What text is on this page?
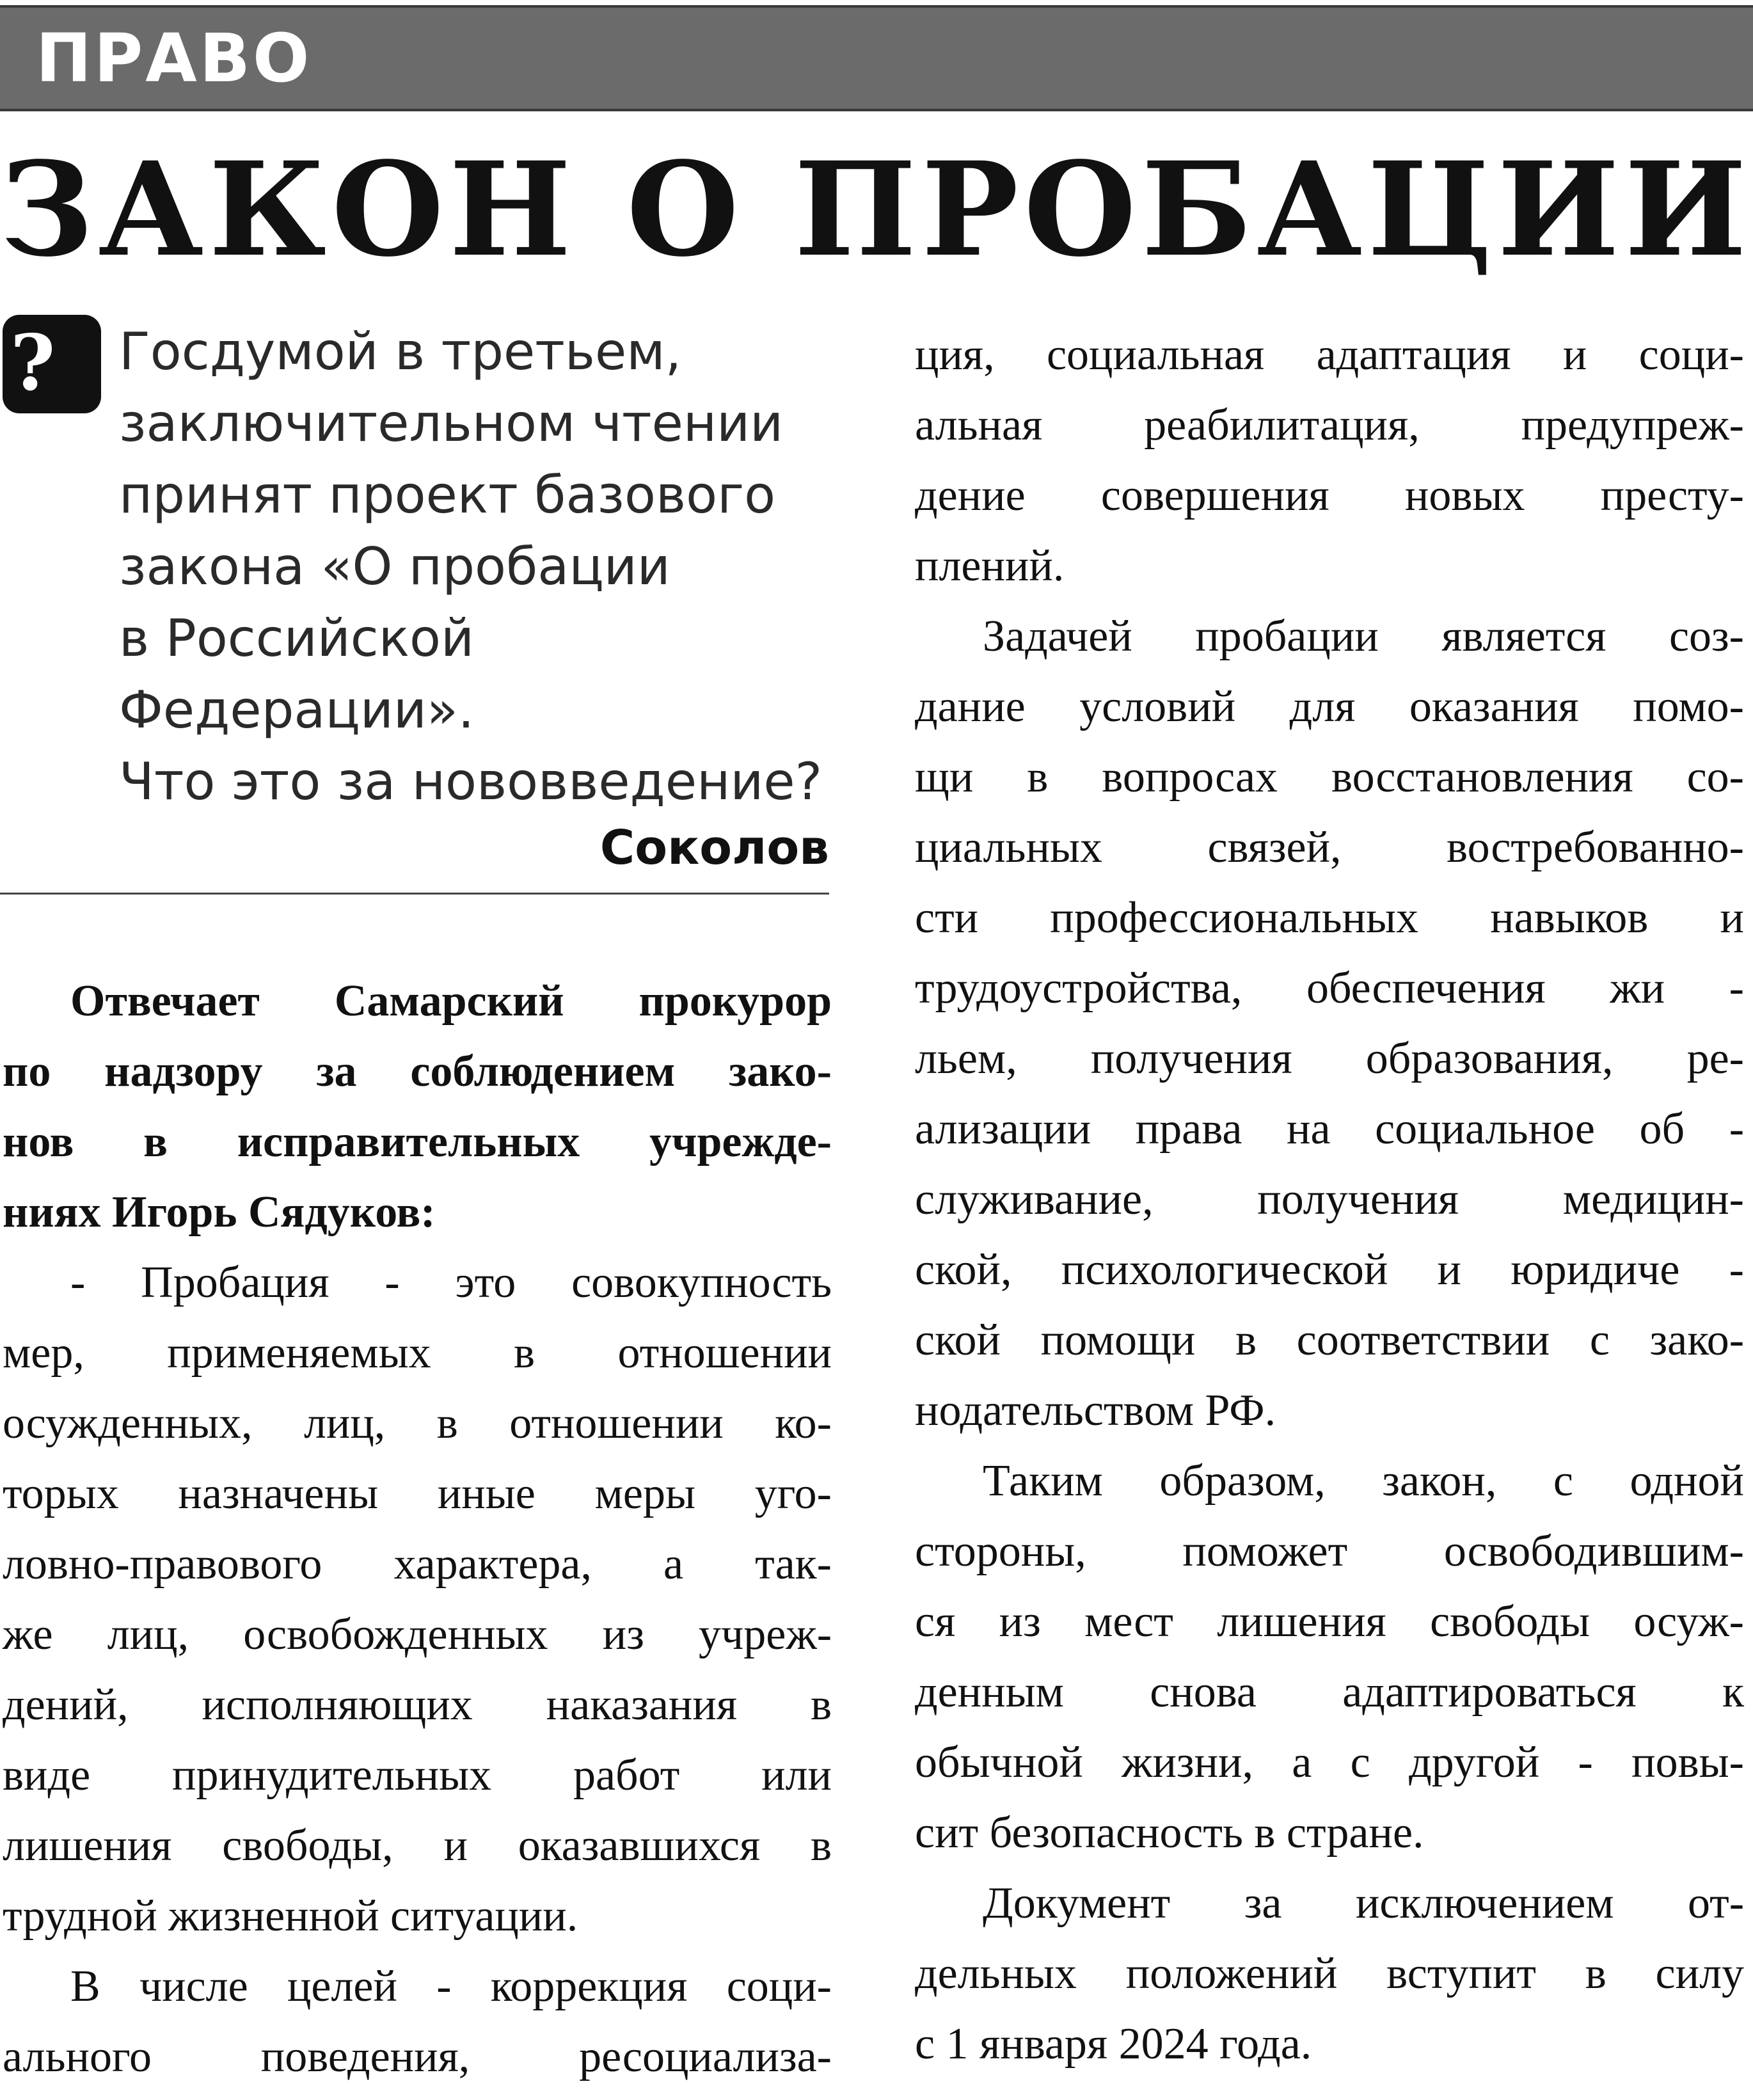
ПРАВО
ЗАКОН О ПРОБАЦИИ
? Госдумой в третьем,
заключительном чтении
принят проект базового
закона «О пробации
в Российской
Федерации».
Что это за нововведение?
Соколов
Отвечает Самарский прокурор
по надзору за соблюдением зако-
нов в исправительных учрежде-
ниях Игорь Сядуков:
- Пробация - это совокупность
мер, применяемых в отношении
осужденных, лиц, в отношении ко-
торых назначены иные меры уго-
ловно-правового характера, а так-
же лиц, освобожденных из учреж-
дений, исполняющих наказания в
виде принудительных работ или
лишения свободы, и оказавшихся в
трудной жизненной ситуации.
В числе целей - коррекция соци-
ального поведения, ресоциализа-
ция, социальная адаптация и соци-
альная реабилитация, предупреж-
дение совершения новых престу-
плений.
Задачей пробации является соз-
дание условий для оказания помо-
щи в вопросах восстановления со-
циальных связей, востребованно-
сти профессиональных навыков и
трудоустройства, обеспечения жи -
льем, получения образования, ре-
ализации права на социальное об -
служивание, получения медицин-
ской, психологической и юридиче -
ской помощи в соответствии с зако-
нодательством РФ.
Таким образом, закон, с одной
стороны, поможет освободившим-
ся из мест лишения свободы осуж-
денным снова адаптироваться к
обычной жизни, а с другой - повы-
сит безопасность в стране.
Документ за исключением от-
дельных положений вступит в силу
с 1 января 2024 года.
